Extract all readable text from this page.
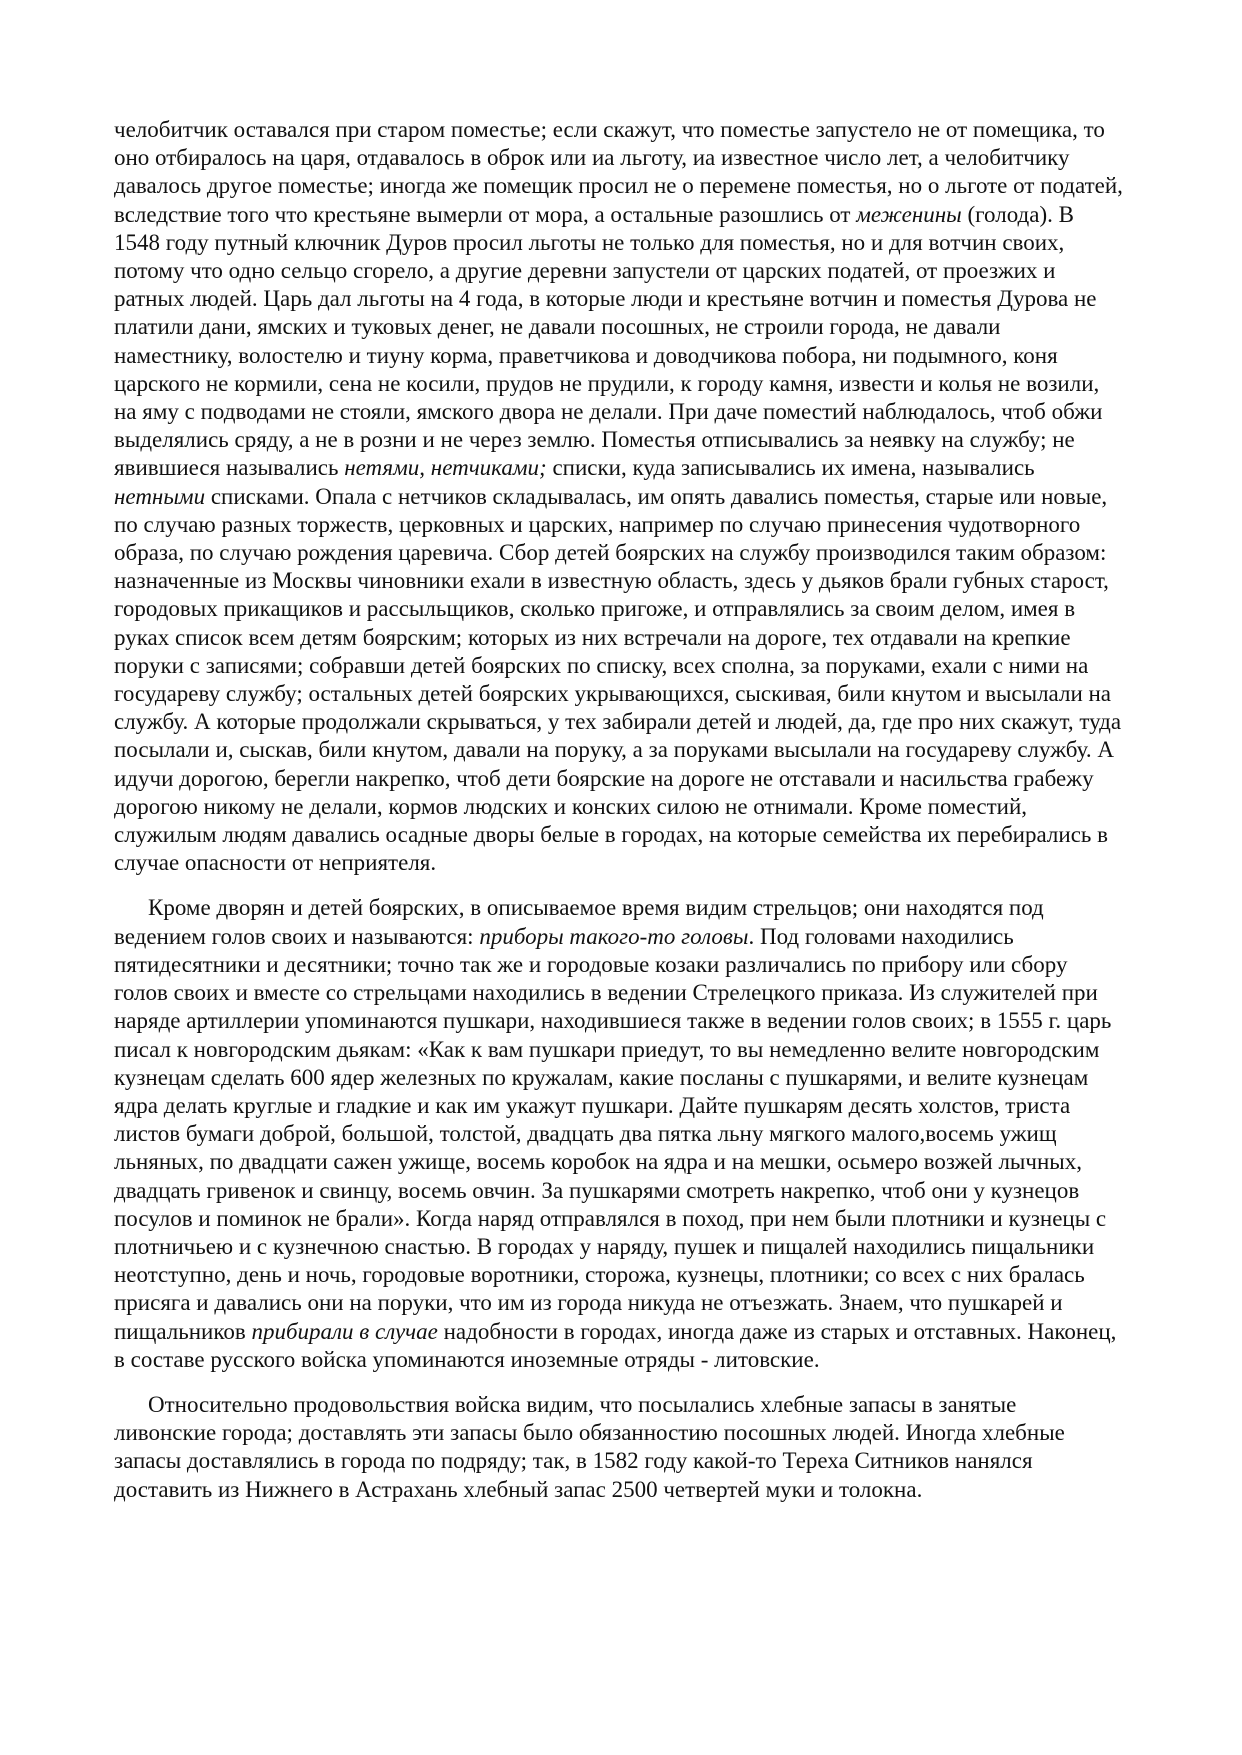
челобитчик оставался при старом поместье; если скажут, что поместье запустело не от помещика, то оно отбиралось на царя, отдавалось в оброк или иа льготу, иа известное число лет, а челобитчику давалось другое поместье; иногда же помещик просил не о перемене поместья, но о льготе от податей, вследствие того что крестьяне вымерли от мора, а остальные разошлись от меженины (голода). В 1548 году путный ключник Дуров просил льготы не только для поместья, но и для вотчин своих, потому что одно сельцо сгорело, а другие деревни запустели от царских податей, от проезжих и ратных людей. Царь дал льготы на 4 года, в которые люди и крестьяне вотчин и поместья Дурова не платили дани, ямских и туковых денег, не давали посошных, не строили города, не давали наместнику, волостелю и тиуну корма, праветчикова и доводчикова побора, ни подымного, коня царского не кормили, сена не косили, прудов не прудили, к городу камня, извести и колья не возили, на яму с подводами не стояли, ямского двора не делали. При даче поместий наблюдалось, чтоб обжи выделялись сряду, а не в розни и не через землю. Поместья отписывались за неявку на службу; не явившиеся назывались нетями, нетчиками; списки, куда записывались их имена, назывались нетными списками. Опала с нетчиков складывалась, им опять давались поместья, старые или новые, по случаю разных торжеств, церковных и царских, например по случаю принесения чудотворного образа, по случаю рождения царевича. Сбор детей боярских на службу производился таким образом: назначенные из Москвы чиновники ехали в известную область, здесь у дьяков брали губных старост, городовых прикащиков и рассыльщиков, сколько пригоже, и отправлялись за своим делом, имея в руках список всем детям боярским; которых из них встречали на дороге, тех отдавали на крепкие поруки с записями; собравши детей боярских по списку, всех сполна, за поруками, ехали с ними на государеву службу; остальных детей боярских укрывающихся, сыскивая, били кнутом и высылали на службу. А которые продолжали скрываться, у тех забирали детей и людей, да, где про них скажут, туда посылали и, сыскав, били кнутом, давали на поруку, а за поруками высылали на государеву службу. А идучи дорогою, берегли накрепко, чтоб дети боярские на дороге не отставали и насильства грабежу дорогою никому не делали, кормов людских и конских силою не отнимали. Кроме поместий, служилым людям давались осадные дворы белые в городах, на которые семейства их перебирались в случае опасности от неприятеля.

Кроме дворян и детей боярских, в описываемое время видим стрельцов; они находятся под ведением голов своих и называются: приборы такого-то головы. Под головами находились пятидесятники и десятники; точно так же и городовые козаки различались по прибору или сбору голов своих и вместе со стрельцами находились в ведении Стрелецкого приказа. Из служителей при наряде артиллерии упоминаются пушкари, находившиеся также в ведении голов своих; в 1555 г. царь писал к новгородским дьякам: «Как к вам пушкари приедут, то вы немедленно велите новгородским кузнецам сделать 600 ядер железных по кружалам, какие посланы с пушкарями, и велите кузнецам ядра делать круглые и гладкие и как им укажут пушкари. Дайте пушкарям десять холстов, триста листов бумаги доброй, большой, толстой, двадцать два пятка льну мягкого малого,восемь ужищ льняных, по двадцати сажен ужище, восемь коробок на ядра и на мешки, осьмеро возжей лычных, двадцать гривенок и свинцу, восемь овчин. За пушкарями смотреть накрепко, чтоб они у кузнецов посулов и поминок не брали». Когда наряд отправлялся в поход, при нем были плотники и кузнецы с плотничьею и с кузнечною снастью. В городах у наряду, пушек и пищалей находились пищальники неотступно, день и ночь, городовые воротники, сторожа, кузнецы, плотники; со всех с них бралась присяга и давались они на поруки, что им из города никуда не отъезжать. Знаем, что пушкарей и пищальников прибирали в случае надобности в городах, иногда даже из старых и отставных. Наконец, в составе русского войска упоминаются иноземные отряды - литовские.

Относительно продовольствия войска видим, что посылались хлебные запасы в занятые ливонские города; доставлять эти запасы было обязанностию посошных людей. Иногда хлебные запасы доставлялись в города по подряду; так, в 1582 году какой-то Тереха Ситников нанялся доставить из Нижнего в Астрахань хлебный запас 2500 четвертей муки и толокна.
